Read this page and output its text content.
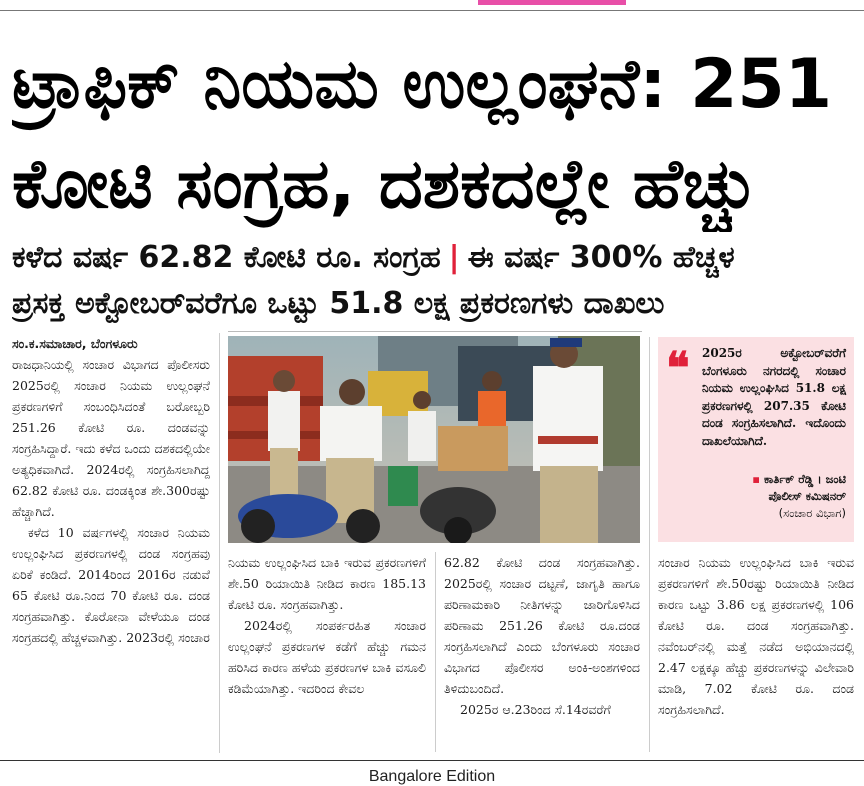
ಟ್ರಾಫಿಕ್ ನಿಯಮ ಉಲ್ಲಂಘನೆ: 251
ಕೋಟಿ ಸಂಗ್ರಹ, ದಶಕದಲ್ಲೇ ಹೆಚ್ಚು
ಕಳೆದ ವರ್ಷ 62.82 ಕೋಟಿ ರೂ. ಸಂಗ್ರಹ | ಈ ವರ್ಷ 300% ಹೆಚ್ಚಳ
ಪ್ರಸಕ್ತ ಅಕ್ಟೋಬರ್‌ವರೆಗೂ ಒಟ್ಟು 51.8 ಲಕ್ಷ ಪ್ರಕರಣಗಳು ದಾಖಲು

ಸಂ.ಕ.ಸಮಾಚಾರ, ಬೆಂಗಳೂರು

ರಾಜಧಾನಿಯಲ್ಲಿ ಸಂಚಾರ ವಿಭಾಗದ ಪೊಲೀಸರು 2025ರಲ್ಲಿ ಸಂಚಾರ ನಿಯಮ ಉಲ್ಲಂಘನೆ ಪ್ರಕರಣಗಳಿಗೆ ಸಂಬಂಧಿಸಿದಂತೆ ಬರೋಬ್ಬರಿ 251.26 ಕೋಟಿ ರೂ. ದಂಡವನ್ನು ಸಂಗ್ರಹಿಸಿದ್ದಾರೆ. ಇದು ಕಳೆದ ಒಂದು ದಶಕದಲ್ಲಿಯೇ ಅತ್ಯಧಿಕವಾಗಿದೆ. 2024ರಲ್ಲಿ ಸಂಗ್ರಹಿಸಲಾಗಿದ್ದ 62.82 ಕೋಟಿ ರೂ. ದಂಡಕ್ಕಿಂತ ಶೇ.300ರಷ್ಟು ಹೆಚ್ಚಾಗಿದೆ.

ಕಳೆದ 10 ವರ್ಷಗಳಲ್ಲಿ ಸಂಚಾರ ನಿಯಮ ಉಲ್ಲಂಘಿಸಿದ ಪ್ರಕರಣಗಳಲ್ಲಿ ದಂಡ ಸಂಗ್ರಹವು ಏರಿಕೆ ಕಂಡಿದೆ. 2014ರಿಂದ 2016ರ ನಡುವೆ 65 ಕೋಟಿ ರೂ.ನಿಂದ 70 ಕೋಟಿ ರೂ. ದಂಡ ಸಂಗ್ರಹವಾಗಿತ್ತು. ಕೊರೋನಾ ವೇಳೆಯೂ ದಂಡ ಸಂಗ್ರಹದಲ್ಲಿ ಹೆಚ್ಚಳವಾಗಿತ್ತು. 2023ರಲ್ಲಿ ಸಂಚಾರ

❝ 2025ರ ಅಕ್ಟೋಬರ್‌ವರೆಗೆ ಬೆಂಗಳೂರು ನಗರದಲ್ಲಿ ಸಂಚಾರ ನಿಯಮ ಉಲ್ಲಂಘಿಸಿದ 51.8 ಲಕ್ಷ ಪ್ರಕರಣಗಳಲ್ಲಿ 207.35 ಕೋಟಿ ದಂಡ ಸಂಗ್ರಹಿಸಲಾಗಿದೆ. ಇದೊಂದು ದಾಖಲೆಯಾಗಿದೆ.
▪ ಕಾರ್ತಿಕ್ ರೆಡ್ಡಿ । ಜಂಟಿ ಪೊಲೀಸ್ ಕಮಿಷನರ್
(ಸಂಚಾರ ವಿಭಾಗ)

ನಿಯಮ ಉಲ್ಲಂಘಿಸಿದ ಬಾಕಿ ಇರುವ ಪ್ರಕರಣಗಳಿಗೆ ಶೇ.50 ರಿಯಾಯಿತಿ ನೀಡಿದ ಕಾರಣ 185.13 ಕೋಟಿ ರೂ. ಸಂಗ್ರಹವಾಗಿತ್ತು.

2024ರಲ್ಲಿ ಸಂಪರ್ಕರಹಿತ ಸಂಚಾರ ಉಲ್ಲಂಘನೆ ಪ್ರಕರಣಗಳ ಕಡೆಗೆ ಹೆಚ್ಚು ಗಮನ ಹರಿಸಿದ ಕಾರಣ ಹಳೆಯ ಪ್ರಕರಣಗಳ ಬಾಕಿ ವಸೂಲಿ ಕಡಿಮೆಯಾಗಿತ್ತು. ಇದರಿಂದ ಕೇವಲ

62.82 ಕೋಟಿ ದಂಡ ಸಂಗ್ರಹವಾಗಿತ್ತು. 2025ರಲ್ಲಿ ಸಂಚಾರ ದಟ್ಟಣೆ, ಜಾಗೃತಿ ಹಾಗೂ ಪರಿಣಾಮಕಾರಿ ನೀತಿಗಳನ್ನು ಜಾರಿಗೊಳಿಸಿದ ಪರಿಣಾಮ 251.26 ಕೋಟಿ ರೂ.ದಂಡ ಸಂಗ್ರಹಿಸಲಾಗಿದೆ ಎಂದು ಬೆಂಗಳೂರು ಸಂಚಾರ ವಿಭಾಗದ ಪೊಲೀಸರ ಅಂಕಿ-ಅಂಶಗಳಿಂದ ತಿಳಿದುಬಂದಿದೆ.

2025ರ ಆ.23ರಿಂದ ಸೆ.14ರವರೆಗೆ

ಸಂಚಾರ ನಿಯಮ ಉಲ್ಲಂಘಿಸಿದ ಬಾಕಿ ಇರುವ ಪ್ರಕರಣಗಳಿಗೆ ಶೇ.50ರಷ್ಟು ರಿಯಾಯಿತಿ ನೀಡಿದ ಕಾರಣ ಒಟ್ಟು 3.86 ಲಕ್ಷ ಪ್ರಕರಣಗಳಲ್ಲಿ 106 ಕೋಟಿ ರೂ. ದಂಡ ಸಂಗ್ರಹವಾಗಿತ್ತು. ನವೆಂಬರ್‌ನಲ್ಲಿ ಮತ್ತೆ ನಡೆದ ಅಭಿಯಾನದಲ್ಲಿ 2.47 ಲಕ್ಷಕ್ಕೂ ಹೆಚ್ಚು ಪ್ರಕರಣಗಳನ್ನು ವಿಲೇವಾರಿ ಮಾಡಿ, 7.02 ಕೋಟಿ ರೂ. ದಂಡ ಸಂಗ್ರಹಿಸಲಾಗಿದೆ.

Bangalore Edition
